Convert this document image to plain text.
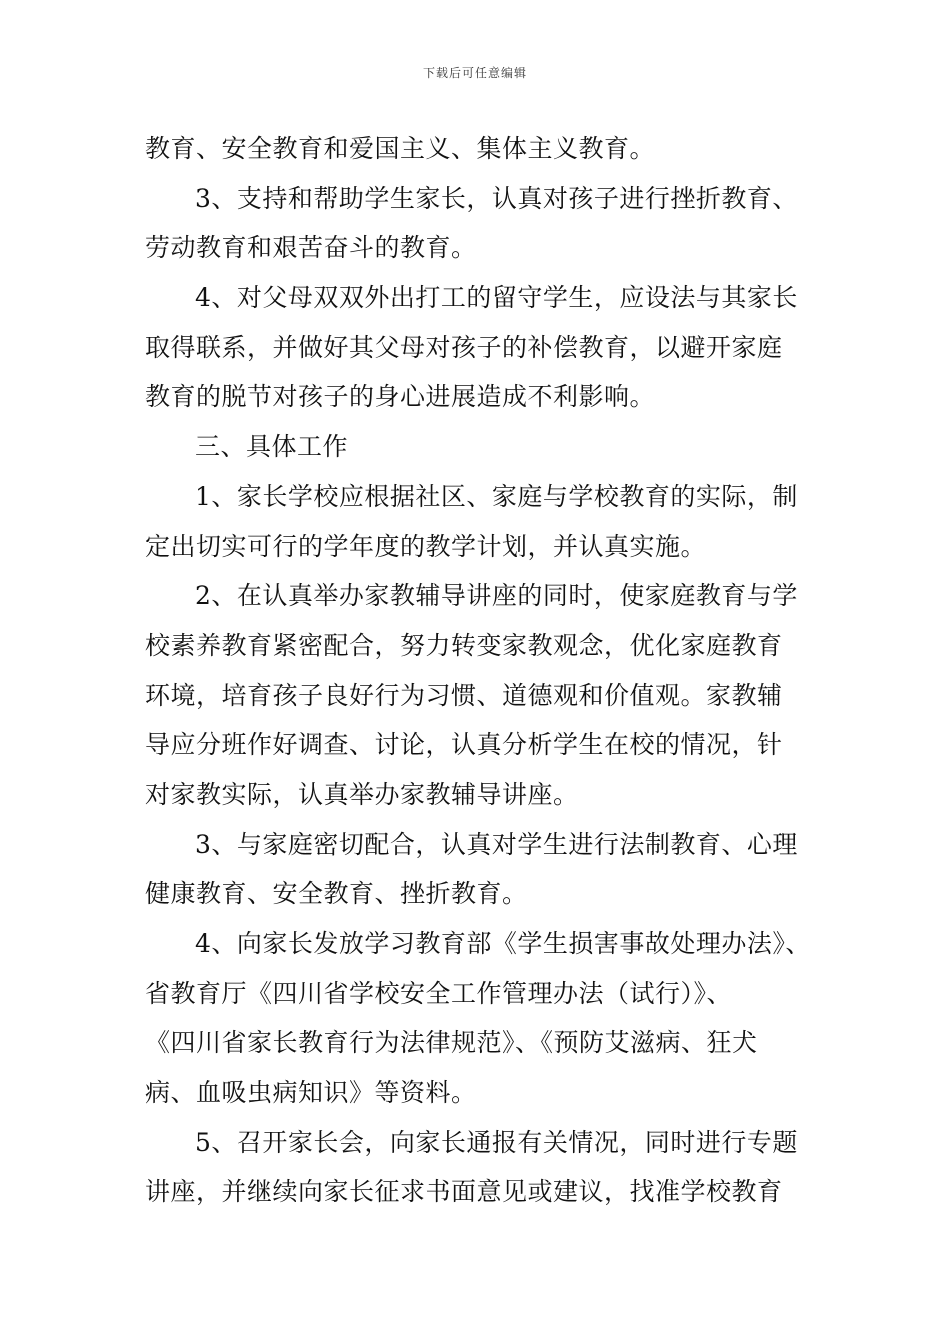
下载后可任意编辑
教育、安全教育和爱国主义、集体主义教育。
3、支持和帮助学生家长，认真对孩子进行挫折教育、
劳动教育和艰苦奋斗的教育。
4、对父母双双外出打工的留守学生，应设法与其家长
取得联系，并做好其父母对孩子的补偿教育，以避开家庭
教育的脱节对孩子的身心进展造成不利影响。
三、具体工作
1、家长学校应根据社区、家庭与学校教育的实际，制
定出切实可行的学年度的教学计划，并认真实施。
2、在认真举办家教辅导讲座的同时，使家庭教育与学
校素养教育紧密配合，努力转变家教观念，优化家庭教育
环境，培育孩子良好行为习惯、道德观和价值观。家教辅
导应分班作好调查、讨论，认真分析学生在校的情况，针
对家教实际，认真举办家教辅导讲座。
3、与家庭密切配合，认真对学生进行法制教育、心理
健康教育、安全教育、挫折教育。
4、向家长发放学习教育部《学生损害事故处理办法》、
省教育厅《四川省学校安全工作管理办法（试行）》、
《四川省家长教育行为法律规范》、《预防艾滋病、狂犬
病、血吸虫病知识》等资料。
5、召开家长会，向家长通报有关情况，同时进行专题
讲座，并继续向家长征求书面意见或建议，找准学校教育
